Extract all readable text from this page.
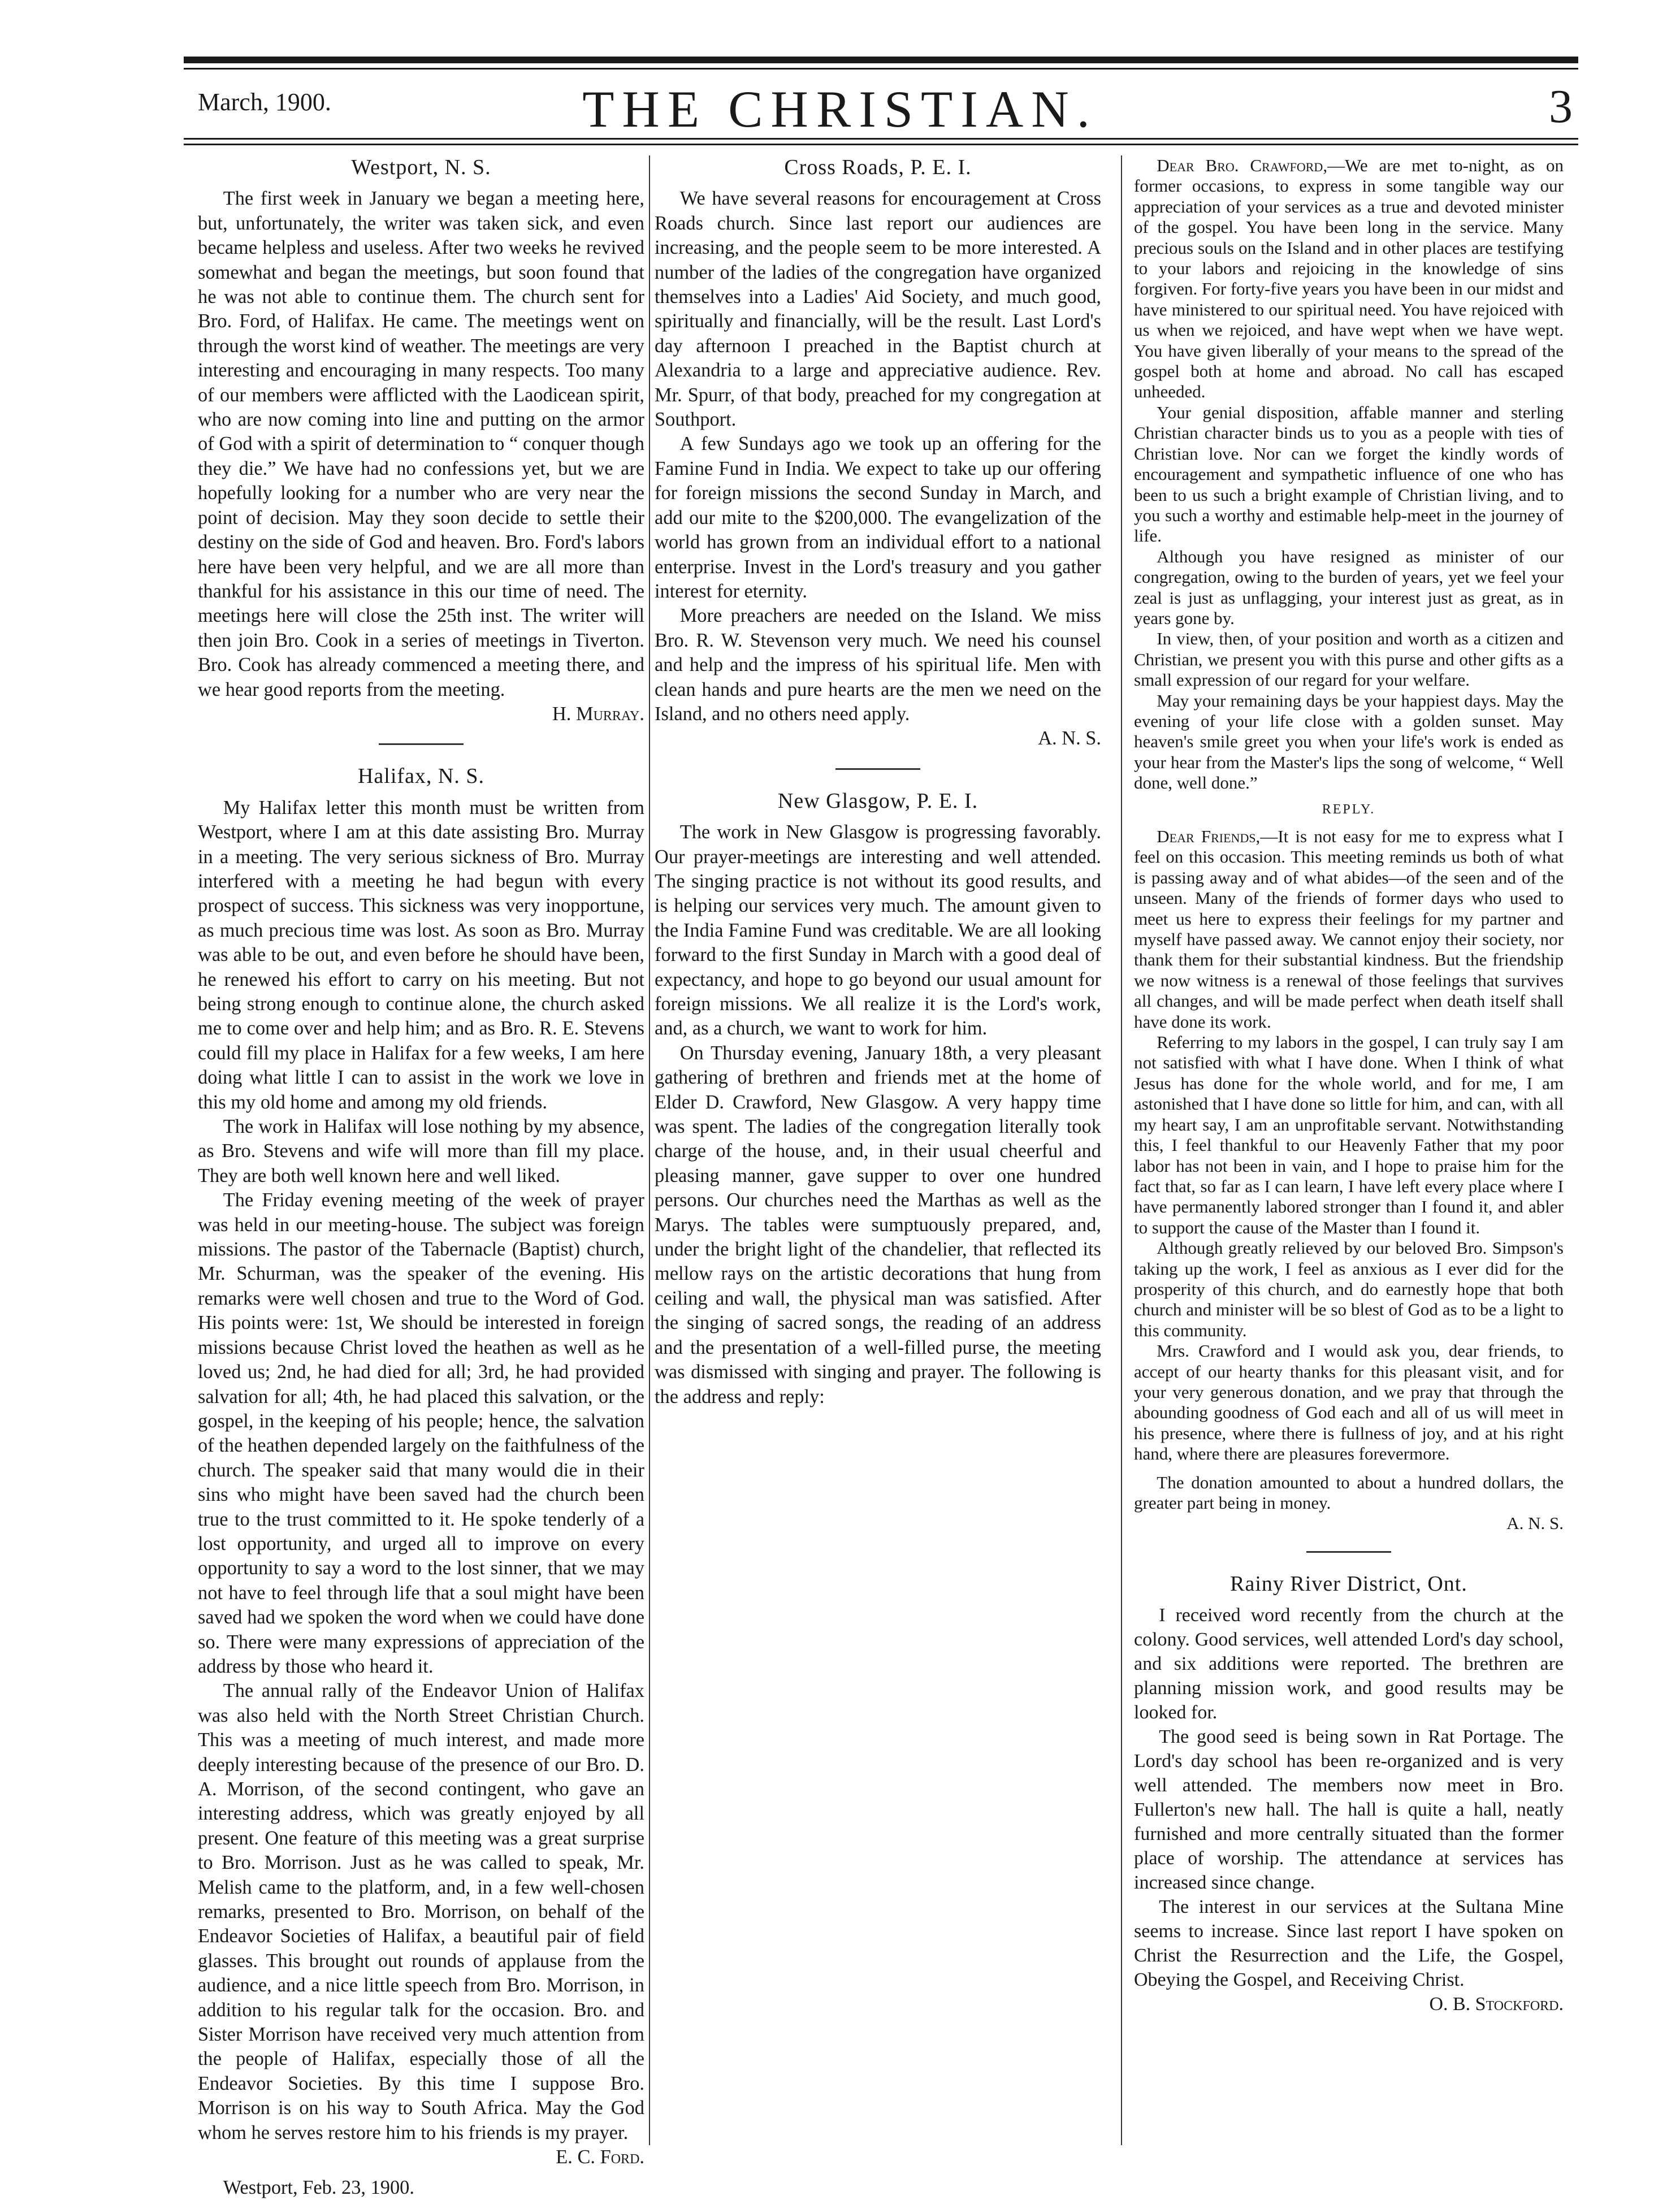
March, 1900.	THE CHRISTIAN.	3
Westport, N. S.

The first week in January we began a meeting here, but, unfortunately, the writer was taken sick, and even became helpless and useless. After two weeks he revived somewhat and began the meetings, but soon found that he was not able to continue them. The church sent for Bro. Ford, of Halifax. He came. The meetings went on through the worst kind of weather. The meetings are very interesting and encouraging in many respects. Too many of our members were afflicted with the Laodicean spirit, who are now coming into line and putting on the armor of God with a spirit of determination to “ conquer though they die.” We have had no confessions yet, but we are hopefully looking for a number who are very near the point of decision. May they soon decide to settle their destiny on the side of God and heaven. Bro. Ford's labors here have been very helpful, and we are all more than thankful for his assistance in this our time of need. The meetings here will close the 25th inst. The writer will then join Bro. Cook in a series of meetings in Tiverton. Bro. Cook has already commenced a meeting there, and we hear good reports from the meeting.

H. Murray.
Halifax, N. S.

My Halifax letter this month must be written from Westport, where I am at this date assisting Bro. Murray in a meeting. The very serious sickness of Bro. Murray interfered with a meeting he had begun with every prospect of success. This sickness was very inopportune, as much precious time was lost. As soon as Bro. Murray was able to be out, and even before he should have been, he renewed his effort to carry on his meeting. But not being strong enough to continue alone, the church asked me to come over and help him; and as Bro. R. E. Stevens could fill my place in Halifax for a few weeks, I am here doing what little I can to assist in the work we love in this my old home and among my old friends.

The work in Halifax will lose nothing by my absence, as Bro. Stevens and wife will more than fill my place. They are both well known here and well liked.

The Friday evening meeting of the week of prayer was held in our meeting-house. The subject was foreign missions. The pastor of the Tabernacle (Baptist) church, Mr. Schurman, was the speaker of the evening. His remarks were well chosen and true to the Word of God. His points were: 1st, We should be interested in foreign missions because Christ loved the heathen as well as he loved us; 2nd, he had died for all; 3rd, he had provided salvation for all; 4th, he had placed this salvation, or the gospel, in the keeping of his people; hence, the salvation of the heathen depended largely on the faithfulness of the church. The speaker said that many would die in their sins who might have been saved had the church been true to the trust committed to it. He spoke tenderly of a lost opportunity, and urged all to improve on every opportunity to say a word to the lost sinner, that we may not have to feel through life that a soul might have been saved had we spoken the word when we could have done so. There were many expressions of appreciation of the address by those who heard it.

The annual rally of the Endeavor Union of Halifax was also held with the North Street Christian Church. This was a meeting of much interest, and made more deeply interesting because of the presence of our Bro. D. A. Morrison, of the second contingent, who gave an interesting address, which was greatly enjoyed by all present. One feature of this meeting was a great surprise to Bro. Morrison. Just as he was called to speak, Mr. Melish came to the platform, and, in a few well-chosen remarks, presented to Bro. Morrison, on behalf of the Endeavor Societies of Halifax, a beautiful pair of field glasses. This brought out rounds of applause from the audience, and a nice little speech from Bro. Morrison, in addition to his regular talk for the occasion. Bro. and Sister Morrison have received very much attention from the people of Halifax, especially those of all the Endeavor Societies. By this time I suppose Bro. Morrison is on his way to South Africa. May the God whom he serves restore him to his friends is my prayer.

E. C. Ford.
Westport, Feb. 23, 1900.
Cross Roads, P. E. I.

We have several reasons for encouragement at Cross Roads church. Since last report our audiences are increasing, and the people seem to be more interested. A number of the ladies of the congregation have organized themselves into a Ladies' Aid Society, and much good, spiritually and financially, will be the result. Last Lord's day afternoon I preached in the Baptist church at Alexandria to a large and appreciative audience. Rev. Mr. Spurr, of that body, preached for my congregation at Southport.

A few Sundays ago we took up an offering for the Famine Fund in India. We expect to take up our offering for foreign missions the second Sunday in March, and add our mite to the $200,000. The evangelization of the world has grown from an individual effort to a national enterprise. Invest in the Lord's treasury and you gather interest for eternity.

More preachers are needed on the Island. We miss Bro. R. W. Stevenson very much. We need his counsel and help and the impress of his spiritual life. Men with clean hands and pure hearts are the men we need on the Island, and no others need apply.

A. N. S.
New Glasgow, P. E. I.

The work in New Glasgow is progressing favorably. Our prayer-meetings are interesting and well attended. The singing practice is not without its good results, and is helping our services very much. The amount given to the India Famine Fund was creditable. We are all looking forward to the first Sunday in March with a good deal of expectancy, and hope to go beyond our usual amount for foreign missions. We all realize it is the Lord's work, and, as a church, we want to work for him.

On Thursday evening, January 18th, a very pleasant gathering of brethren and friends met at the home of Elder D. Crawford, New Glasgow. A very happy time was spent. The ladies of the congregation literally took charge of the house, and, in their usual cheerful and pleasing manner, gave supper to over one hundred persons. Our churches need the Marthas as well as the Marys. The tables were sumptuously prepared, and, under the bright light of the chandelier, that reflected its mellow rays on the artistic decorations that hung from ceiling and wall, the physical man was satisfied. After the singing of sacred songs, the reading of an address and the presentation of a well-filled purse, the meeting was dismissed with singing and prayer. The following is the address and reply:

Dear Bro. Crawford,—We are met to-night, as on former occasions, to express in some tangible way our appreciation of your services as a true and devoted minister of the gospel. You have been long in the service. Many precious souls on the Island and in other places are testifying to your labors and rejoicing in the knowledge of sins forgiven. For forty-five years you have been in our midst and have ministered to our spiritual need. You have rejoiced with us when we rejoiced, and have wept when we have wept. You have given liberally of your means to the spread of the gospel both at home and abroad. No call has escaped unheeded.

Your genial disposition, affable manner and sterling Christian character binds us to you as a people with ties of Christian love. Nor can we forget the kindly words of encouragement and sympathetic influence of one who has been to us such a bright example of Christian living, and to you such a worthy and estimable help-meet in the journey of life.

Although you have resigned as minister of our congregation, owing to the burden of years, yet we feel your zeal is just as unflagging, your interest just as great, as in years gone by.

In view, then, of your position and worth as a citizen and Christian, we present you with this purse and other gifts as a small expression of our regard for your welfare.

May your remaining days be your happiest days. May the evening of your life close with a golden sunset. May heaven's smile greet you when your life's work is ended as your hear from the Master's lips the song of welcome, “ Well done, well done.”

REPLY.

Dear Friends,—It is not easy for me to express what I feel on this occasion. This meeting reminds us both of what is passing away and of what abides—of the seen and of the unseen. Many of the friends of former days who used to meet us here to express their feelings for my partner and myself have passed away. We cannot enjoy their society, nor thank them for their substantial kindness. But the friendship we now witness is a renewal of those feelings that survives all changes, and will be made perfect when death itself shall have done its work.

Referring to my labors in the gospel, I can truly say I am not satisfied with what I have done. When I think of what Jesus has done for the whole world, and for me, I am astonished that I have done so little for him, and can, with all my heart say, I am an unprofitable servant. Notwithstanding this, I feel thankful to our Heavenly Father that my poor labor has not been in vain, and I hope to praise him for the fact that, so far as I can learn, I have left every place where I have permanently labored stronger than I found it, and abler to support the cause of the Master than I found it.

Although greatly relieved by our beloved Bro. Simpson's taking up the work, I feel as anxious as I ever did for the prosperity of this church, and do earnestly hope that both church and minister will be so blest of God as to be a light to this community.

Mrs. Crawford and I would ask you, dear friends, to accept of our hearty thanks for this pleasant visit, and for your very generous donation, and we pray that through the abounding goodness of God each and all of us will meet in his presence, where there is fullness of joy, and at his right hand, where there are pleasures forevermore.

The donation amounted to about a hundred dollars, the greater part being in money.

A. N. S.
Rainy River District, Ont.

I received word recently from the church at the colony. Good services, well attended Lord's day school, and six additions were reported. The brethren are planning mission work, and good results may be looked for.

The good seed is being sown in Rat Portage. The Lord's day school has been re-organized and is very well attended. The members now meet in Bro. Fullerton's new hall. The hall is quite a hall, neatly furnished and more centrally situated than the former place of worship. The attendance at services has increased since change.

The interest in our services at the Sultana Mine seems to increase. Since last report I have spoken on Christ the Resurrection and the Life, the Gospel, Obeying the Gospel, and Receiving Christ.

O. B. Stockford.
